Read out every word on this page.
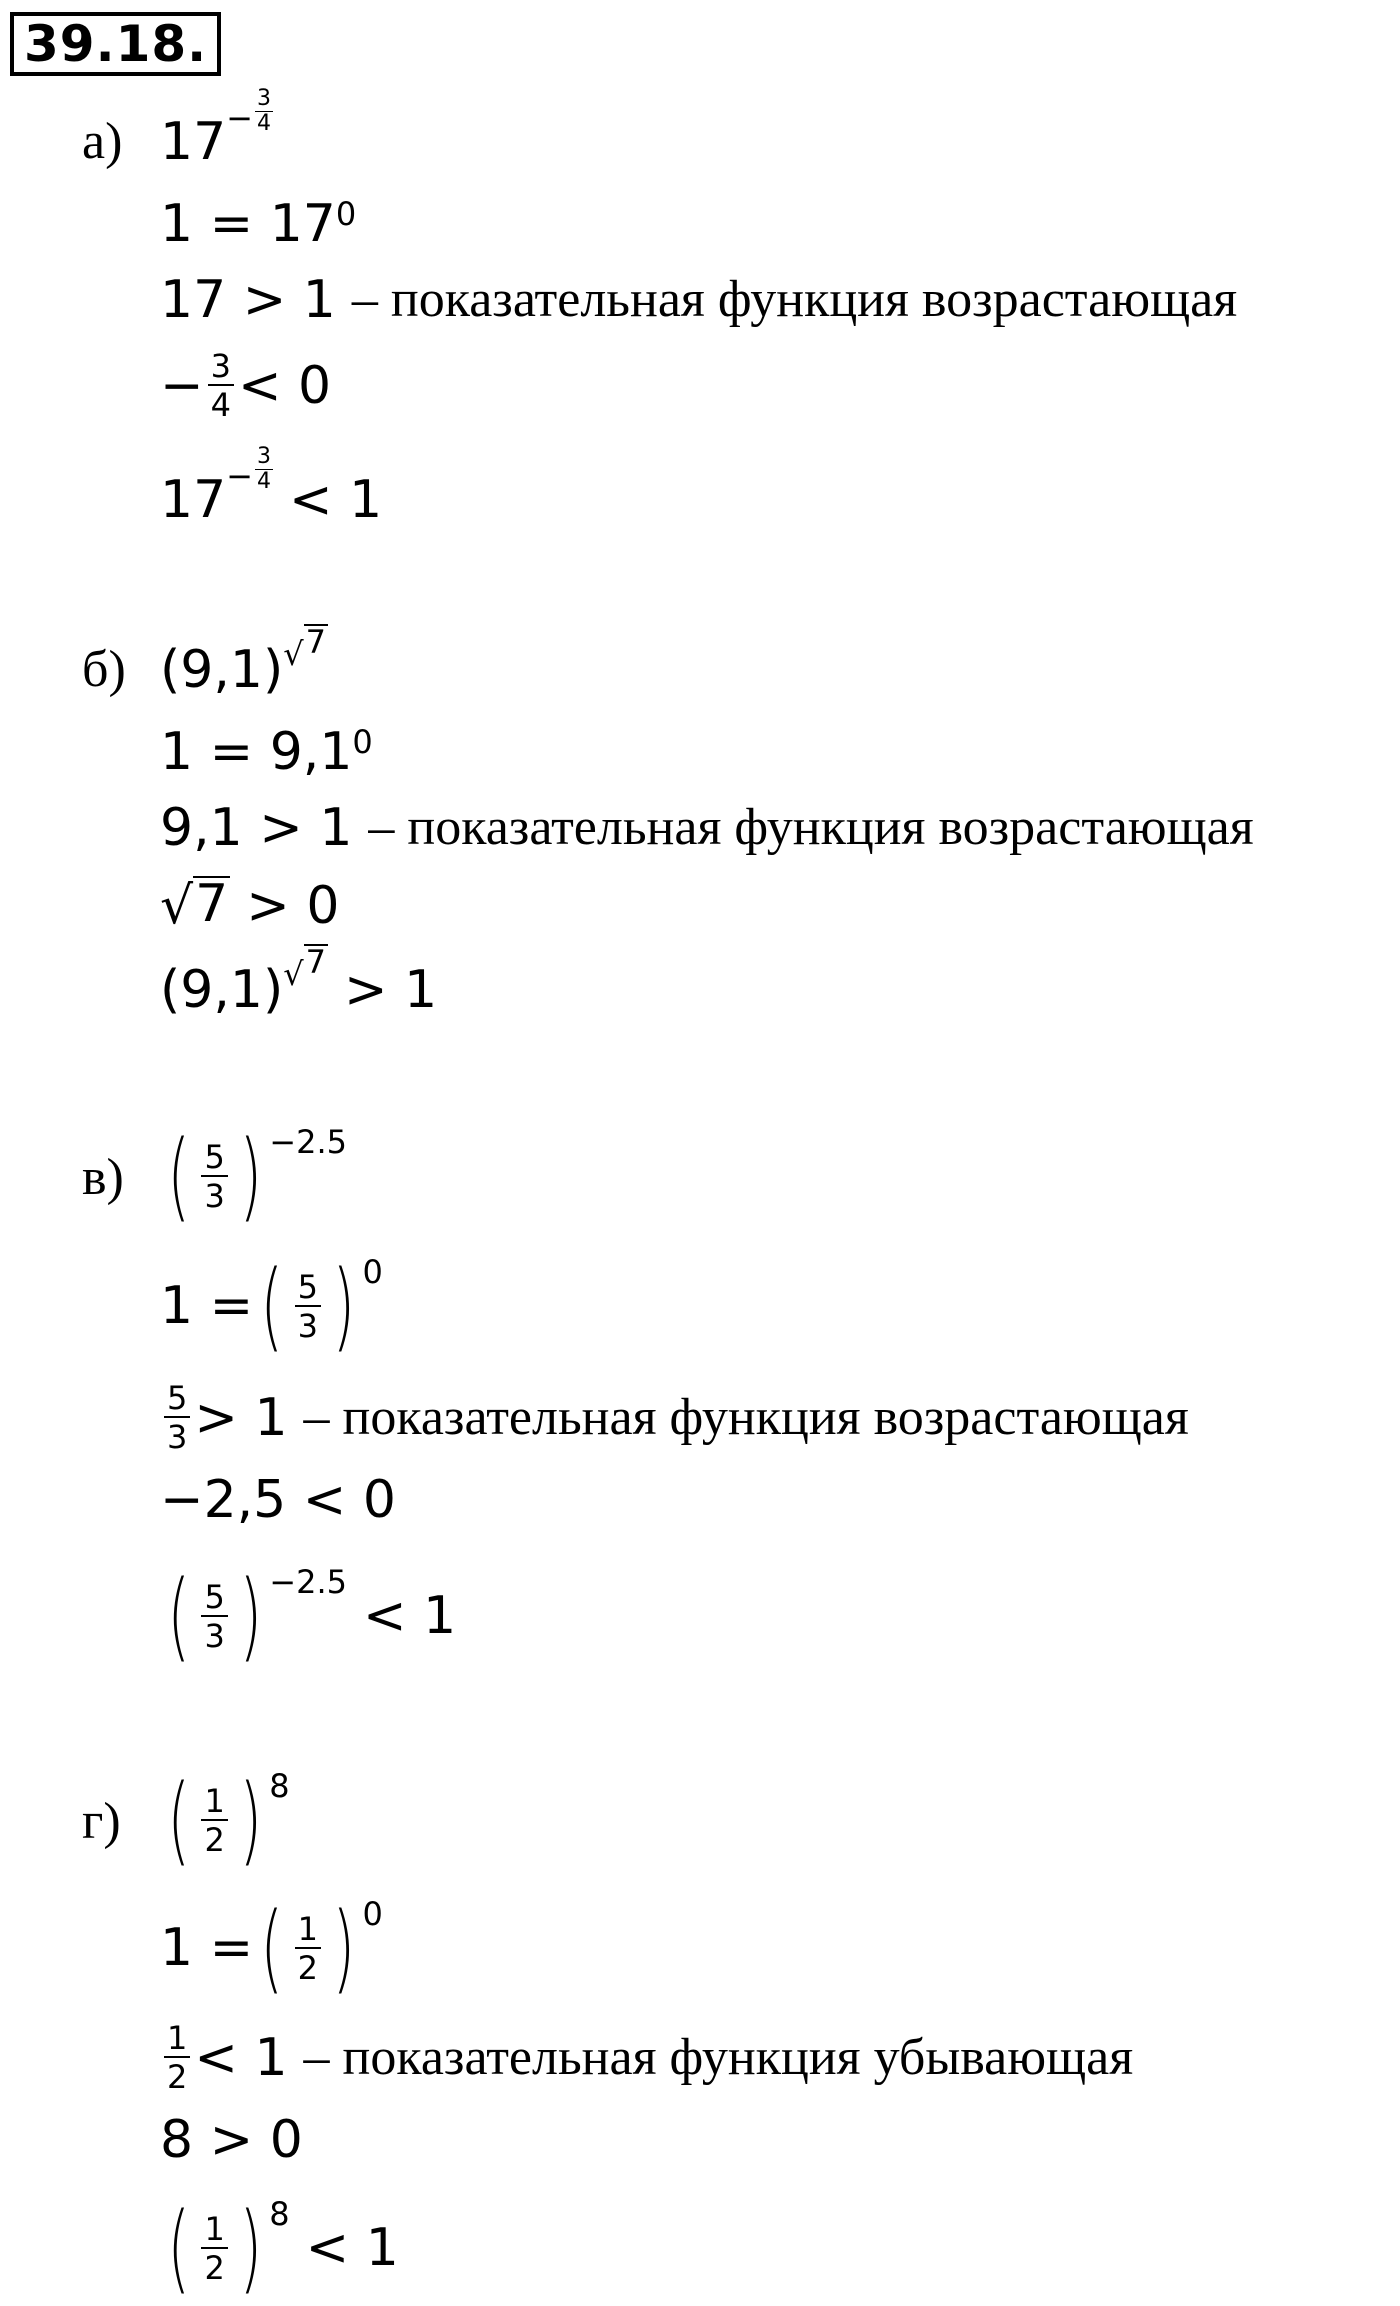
39.18.
а) $17 - \frac{3}{4}$
$1 = 17^0$
17 > 1 – показательная функция возрастающая
− $\frac{3}{4} < 0$
$17 - \frac{3}{4}$
< 1
б) (9,1) $^{√ 7}$
$1 = 9,1^0$
9,1 > 1 – показательная функция возрастающая
√ 7 > 0
(9,1) $^{√ 7}$ > 1
в) ( $\frac{5}{3} )^{-2.5}$
1 = ( $\frac{5}{3} )^0$
$\frac{5}{3} > 1$ – показательная функция возрастающая
−2,5 < 0
( $\frac{5}{3} )^{-2.5}$
< 1
г) ( $\frac{1}{2} )^8$
1 = ( $\frac{1}{2} )^0$
$\frac{1}{2} < 1$ – показательная функция убывающая
8 > 0
( $\frac{1}{2} )^8$
< 1
